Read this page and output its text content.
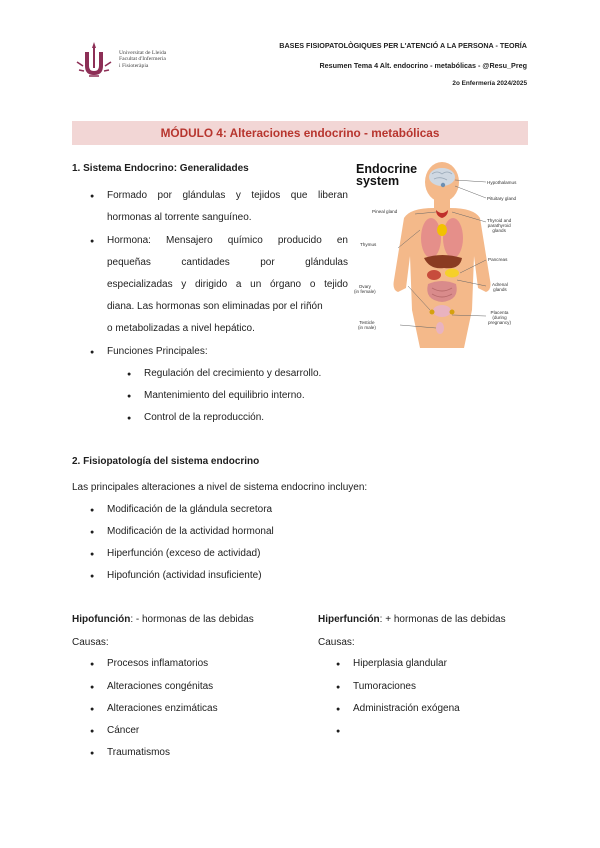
Universitat de Lleida
Facultat d'Infermeria
i Fisioteràpia
BASES FISIOPATOLÒGIQUES PER L'ATENCIÓ A LA PERSONA - TEORÍA
Resumen Tema 4 Alt. endocrino - metabólicas - @Resu_Preg
2o Enfermería 2024/2025
MÓDULO 4: Alteraciones endocrino - metabólicas
1. Sistema Endocrino: Generalidades
● Formado por glándulas y tejidos que liberan
hormonas al torrente sanguíneo.
● Hormona: Mensajero químico producido en
pequeñas	cantidades	por	glándulas
especializadas y dirigido a un órgano o tejido
diana. Las hormonas son eliminadas por el riñón
o metabolizadas a nivel hepático.
● Funciones Principales:
● Regulación del crecimiento y desarrollo.
● Mantenimiento del equilibrio interno.
● Control de la reproducción.
Endocrine
system	Hypothalamus
Pituitary gland
Pineal gland
Thyroid and
parathyroid
glands
Thymus
Pancreas
Adrenal
glands
Ovary
(in female)
Placenta
(during
pregnancy)
Testicle
(in male)
2. Fisiopatología del sistema endocrino
Las principales alteraciones a nivel de sistema endocrino incluyen:
● Modificación de la glándula secretora
● Modificación de la actividad hormonal
● Hiperfunción (exceso de actividad)
● Hipofunción (actividad insuficiente)
Hipofunción: - hormonas de las debidas
Causas:
● Procesos inflamatorios
● Alteraciones congénitas
● Alteraciones enzimáticas
● Cáncer
● Traumatismos
Hiperfunción: + hormonas de las debidas
Causas:
● Hiperplasia glandular
● Tumoraciones
● Administración exógena
